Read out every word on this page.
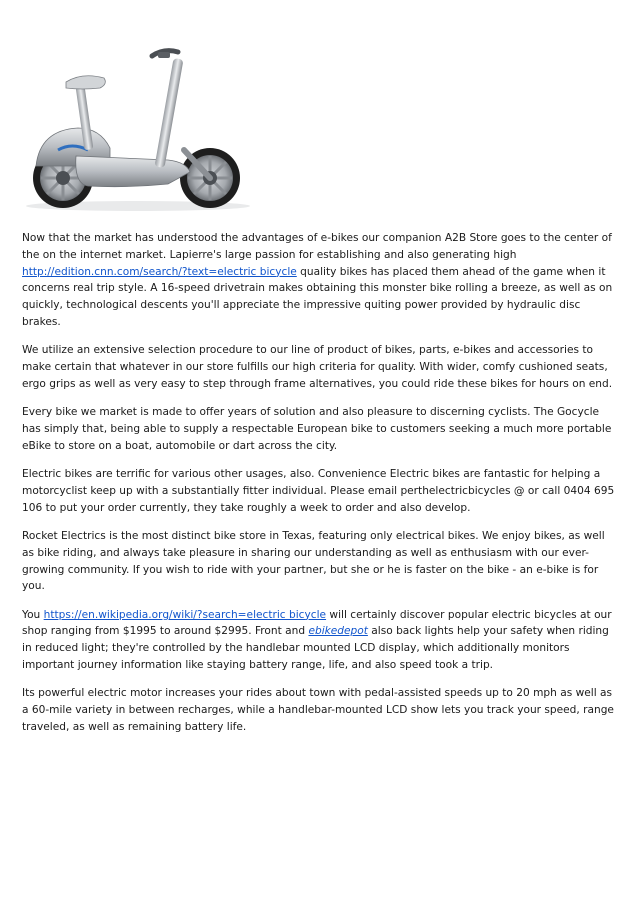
Now that the market has understood the advantages of e-bikes our companion A2B Store goes to the center of the on the internet market. Lapierre's large passion for establishing and also generating high http://edition.cnn.com/search/?text=electric bicycle quality bikes has placed them ahead of the game when it concerns real trip style. A 16-speed drivetrain makes obtaining this monster bike rolling a breeze, as well as on quickly, technological descents you'll appreciate the impressive quiting power provided by hydraulic disc brakes.

We utilize an extensive selection procedure to our line of product of bikes, parts, e-bikes and accessories to make certain that whatever in our store fulfills our high criteria for quality. With wider, comfy cushioned seats, ergo grips as well as very easy to step through frame alternatives, you could ride these bikes for hours on end.

Every bike we market is made to offer years of solution and also pleasure to discerning cyclists. The Gocycle has simply that, being able to supply a respectable European bike to customers seeking a much more portable eBike to store on a boat, automobile or dart across the city.

Electric bikes are terrific for various other usages, also. Convenience Electric bikes are fantastic for helping a motorcyclist keep up with a substantially fitter individual. Please email perthelectricbicycles @ or call 0404 695 106 to put your order currently, they take roughly a week to order and also develop.

Rocket Electrics is the most distinct bike store in Texas, featuring only electrical bikes. We enjoy bikes, as well as bike riding, and always take pleasure in sharing our understanding as well as enthusiasm with our ever-growing community. If you wish to ride with your partner, but she or he is faster on the bike - an e-bike is for you.

You https://en.wikipedia.org/wiki/?search=electric bicycle will certainly discover popular electric bicycles at our shop ranging from $1995 to around $2995. Front and ebikedepot also back lights help your safety when riding in reduced light; they're controlled by the handlebar mounted LCD display, which additionally monitors important journey information like staying battery range, life, and also speed took a trip.

Its powerful electric motor increases your rides about town with pedal-assisted speeds up to 20 mph as well as a 60-mile variety in between recharges, while a handlebar-mounted LCD show lets you track your speed, range traveled, as well as remaining battery life.
